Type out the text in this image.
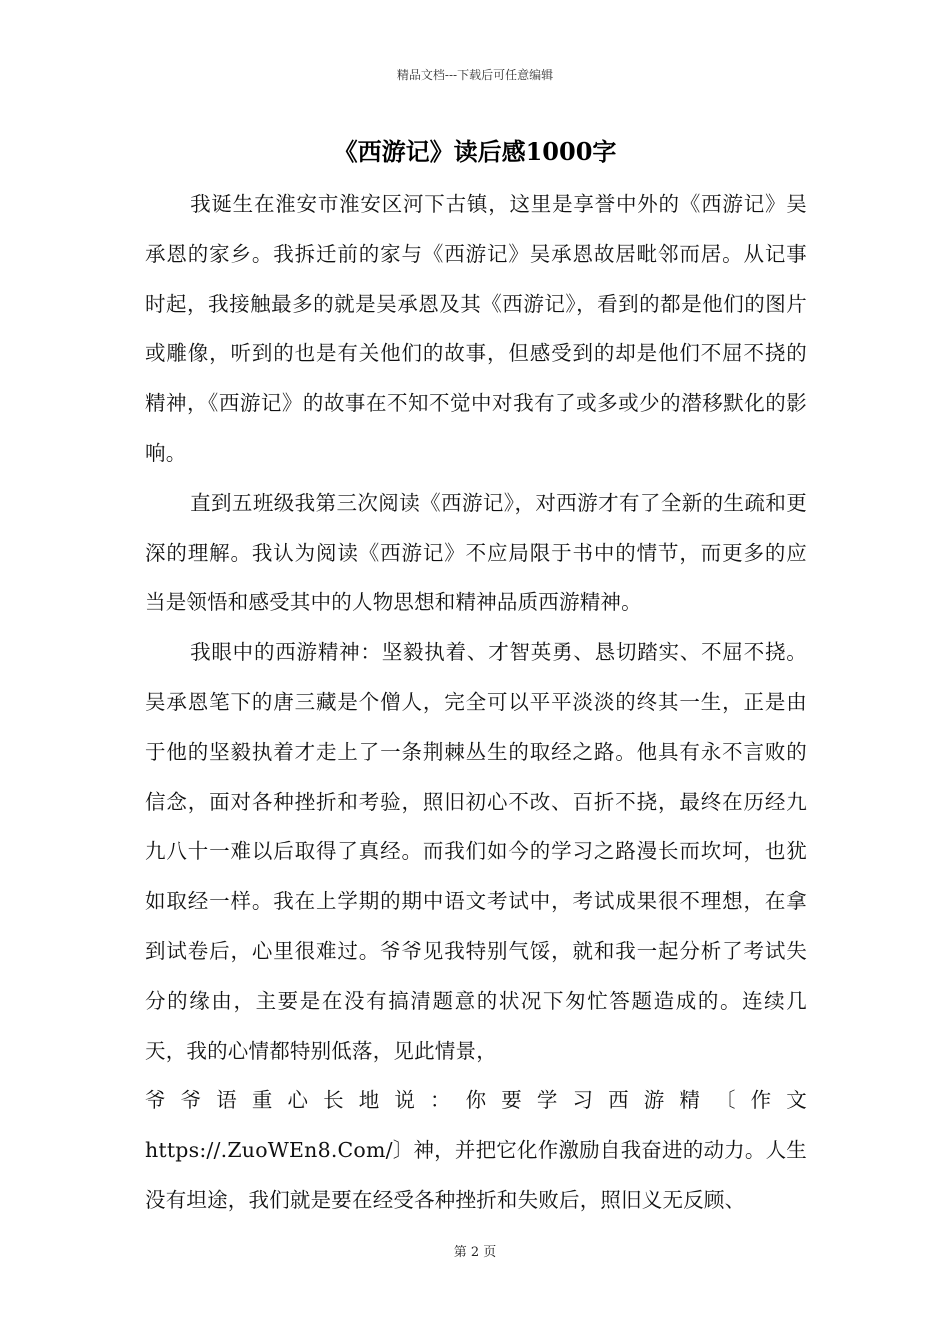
精品文档---下载后可任意编辑
《西游记》读后感1000字

我诞生在淮安市淮安区河下古镇，这里是享誉中外的《西游记》吴承恩的家乡。我拆迁前的家与《西游记》吴承恩故居毗邻而居。从记事时起，我接触最多的就是吴承恩及其《西游记》，看到的都是他们的图片或雕像，听到的也是有关他们的故事，但感受到的却是他们不屈不挠的精神，《西游记》的故事在不知不觉中对我有了或多或少的潜移默化的影响。

直到五班级我第三次阅读《西游记》，对西游才有了全新的生疏和更深的理解。我认为阅读《西游记》不应局限于书中的情节，而更多的应当是领悟和感受其中的人物思想和精神品质西游精神。

我眼中的西游精神：坚毅执着、才智英勇、恳切踏实、不屈不挠。吴承恩笔下的唐三藏是个僧人，完全可以平平淡淡的终其一生，正是由于他的坚毅执着才走上了一条荆棘丛生的取经之路。他具有永不言败的信念，面对各种挫折和考验，照旧初心不改、百折不挠，最终在历经九九八十一难以后取得了真经。而我们如今的学习之路漫长而坎坷，也犹如取经一样。我在上学期的期中语文考试中，考试成果很不理想，在拿到试卷后，心里很难过。爷爷见我特别气馁，就和我一起分析了考试失分的缘由，主要是在没有搞清题意的状况下匆忙答题造成的。连续几天，我的心情都特别低落，见此情景，

爷爷语重心长地说：你要学习西游精〔作文

https://.ZuoWEn8.Com/〕神，并把它化作激励自我奋进的动力。人生没有坦途，我们就是要在经受各种挫折和失败后，照旧义无反顾、

第 2 页
